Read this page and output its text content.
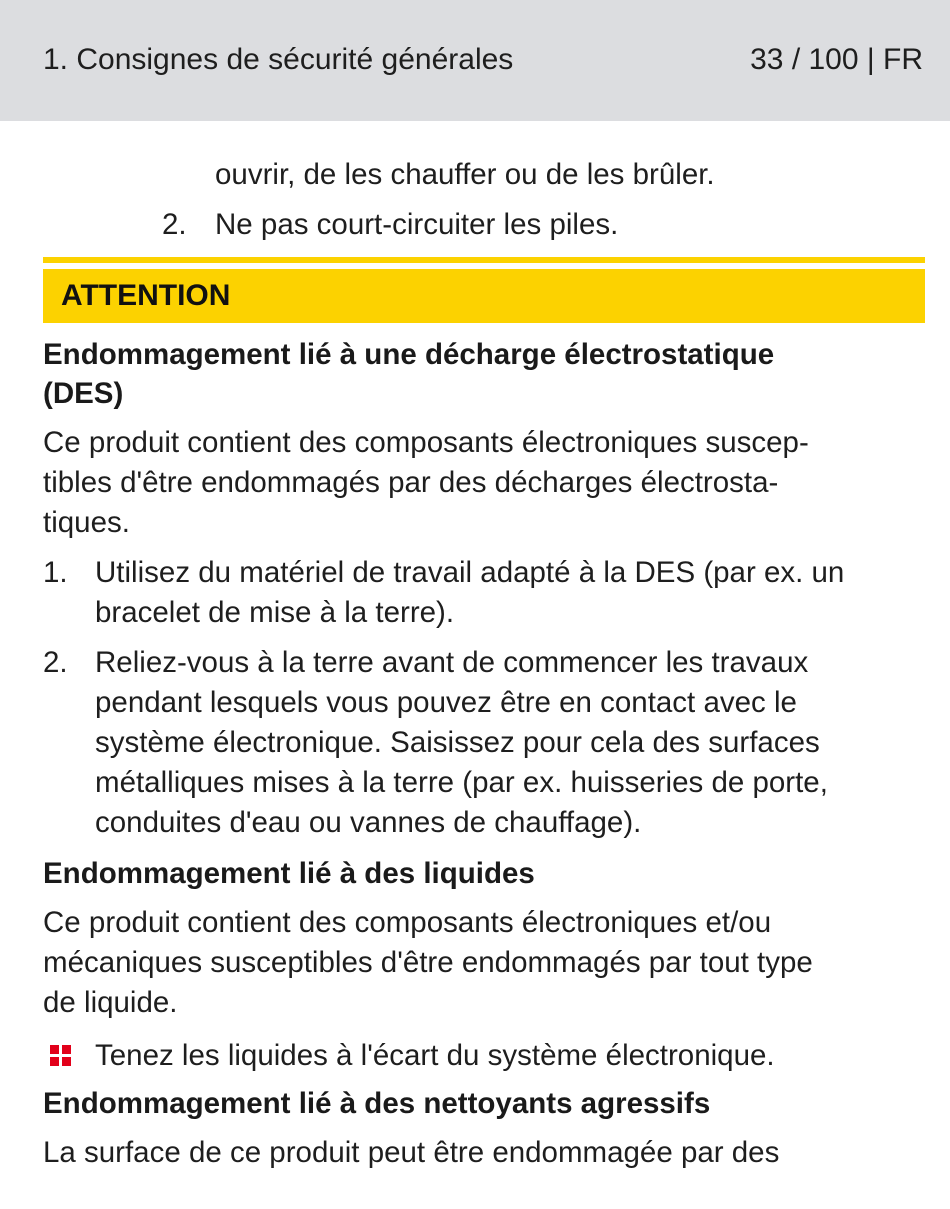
1. Consignes de sécurité générales	33 / 100 | FR

ouvrir, de les chauffer ou de les brûler.

2. Ne pas court-circuiter les piles.
ATTENTION

Endommagement lié à une décharge électrostatique

(DES)

Ce produit contient des composants électroniques suscep-

tibles d'être endommagés par des décharges électrosta-

tiques.

1. Utilisez du matériel de travail adapté à la DES (par ex. un

bracelet de mise à la terre).

2. Reliez-vous à la terre avant de commencer les travaux

pendant lesquels vous pouvez être en contact avec le

système électronique. Saisissez pour cela des surfaces

métalliques mises à la terre (par ex. huisseries de porte,

conduites d'eau ou vannes de chauffage).

Endommagement lié à des liquides

Ce produit contient des composants électroniques et/ou

mécaniques susceptibles d'être endommagés par tout type

de liquide.

Tenez les liquides à l'écart du système électronique.

Endommagement lié à des nettoyants agressifs

La surface de ce produit peut être endommagée par des
